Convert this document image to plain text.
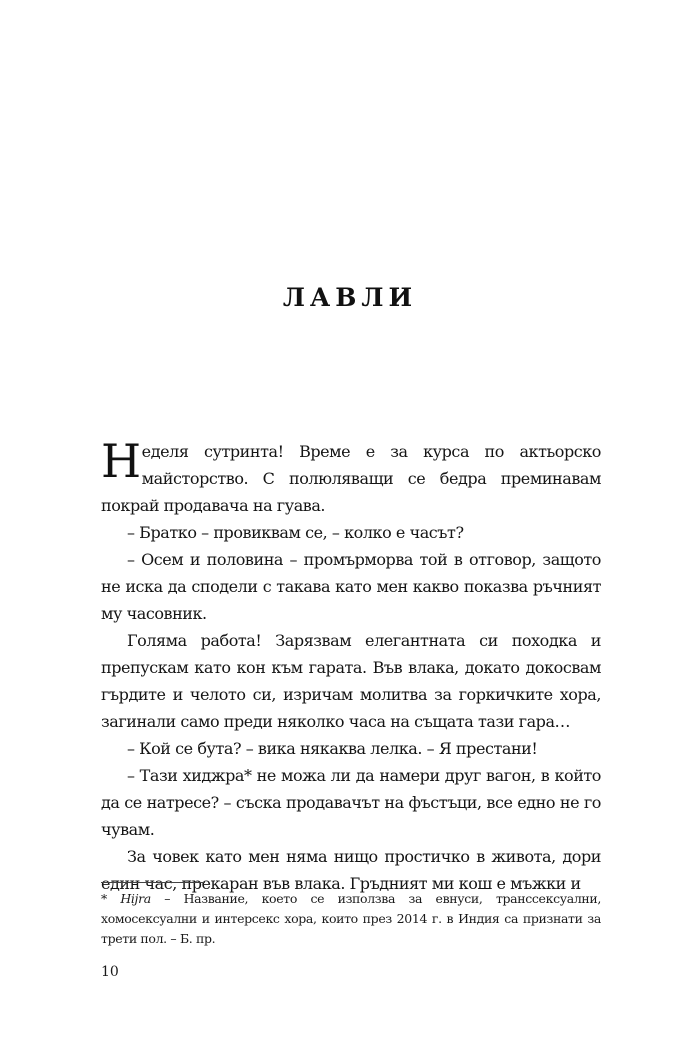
ЛАВЛИ

Неделя сутринта! Време е за курса по актьорско майсторство. С полюляващи се бедра преминавам покрай продавача на гуава.

– Братко – провиквам се, – колко е часът?

– Осем и половина – промърморва той в отговор, защото не иска да сподели с такава като мен какво показва ръчният му часовник.

Голяма работа! Зарязвам елегантната си походка и препускам като кон към гарата. Във влака, докато докосвам гърдите и челото си, изричам молитва за горкичките хора, загинали само преди няколко часа на същата тази гара…

– Кой се бута? – вика някаква лелка. – Я престани!

– Тази хиджра* не можа ли да намери друг вагон, в който да се натресе? – съска продавачът на фъстъци, все едно не го чувам.

За човек като мен няма нищо простичко в живота, дори един час, прекаран във влака. Гръдният ми кош е мъжки и

* Hijra – Название, което се използва за евнуси, транссексуални, хомосексуални и интерсекс хора, които през 2014 г. в Индия са признати за трети пол. – Б. пр.
10
